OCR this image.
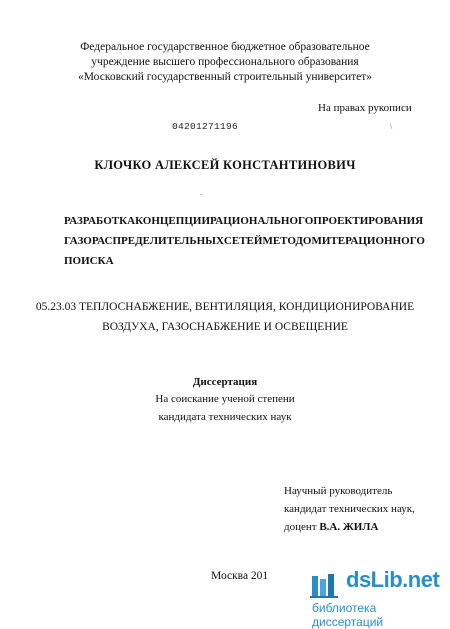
Федеральное государственное бюджетное образовательное
учреждение высшего профессионального образования
«Московский государственный строительный университет»
На правах рукописи
04201271196	\
КЛОЧКО АЛЕКСЕЙ КОНСТАНТИНОВИЧ
.
РАЗРАБОТКА КОНЦЕПЦИИ РАЦИОНАЛЬНОГО ПРОЕКТИРОВАНИЯ
ГАЗОРАСПРЕДЕЛИТЕЛЬНЫХ СЕТЕЙ МЕТОДОМ ИТЕРАЦИОННОГО
ПОИСКА
05.23.03 ТЕПЛОСНАБЖЕНИЕ, ВЕНТИЛЯЦИЯ, КОНДИЦИОНИРОВАНИЕ
ВОЗДУХА, ГАЗОСНАБЖЕНИЕ И ОСВЕЩЕНИЕ
Диссертация
На соискание ученой степени
кандидата технических наук
Научный руководитель
кандидат технических наук,
доцент В.А. ЖИЛА
Москва 201	dsLib.net
библиотека диссертаций
